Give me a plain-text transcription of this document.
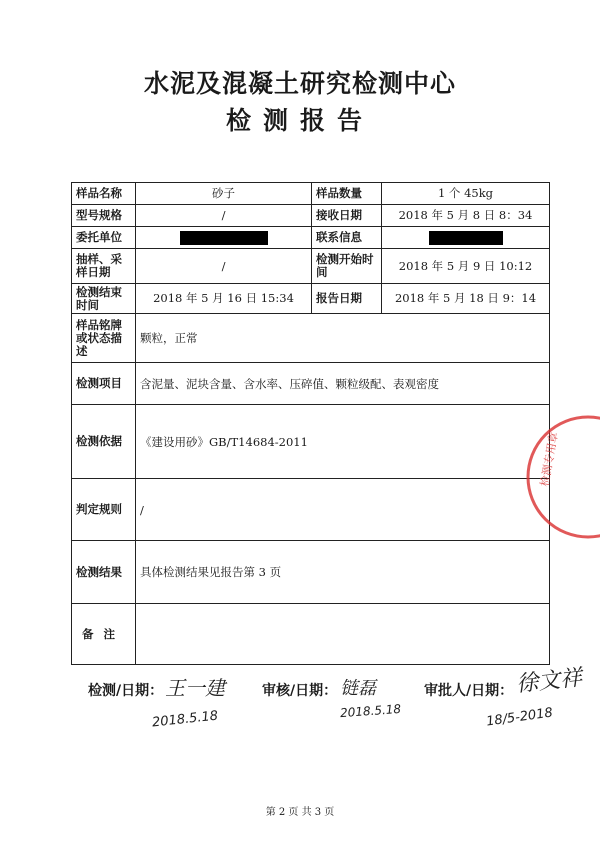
水泥及混凝土研究检测中心
检测报告
样品名称	砂子	样品数量	1 个 45kg
型号规格	/	接收日期	2018 年 5 月 8 日 8：34
委托单位		联系信息	
抽样、采样日期	/	检测开始时间	2018 年 5 月 9 日 10:12
检测结束时间	2018 年 5 月 16 日 15:34	报告日期	2018 年 5 月 18 日 9：14
样品铭牌或状态描述	颗粒，正常		
检测项目	含泥量、泥块含量、含水率、压碎值、颗粒级配、表观密度		
检测依据	《建设用砂》GB/T14684-2011		
判定规则	/		
检测结果	具体检测结果见报告第 3 页		
备注			
检测专用章
检测/日期： 王一建
2018.5.18
审核/日期： 链磊
2018.5.18
审批人/日期： 徐文祥
18/5-2018
第 2 页 共 3 页
